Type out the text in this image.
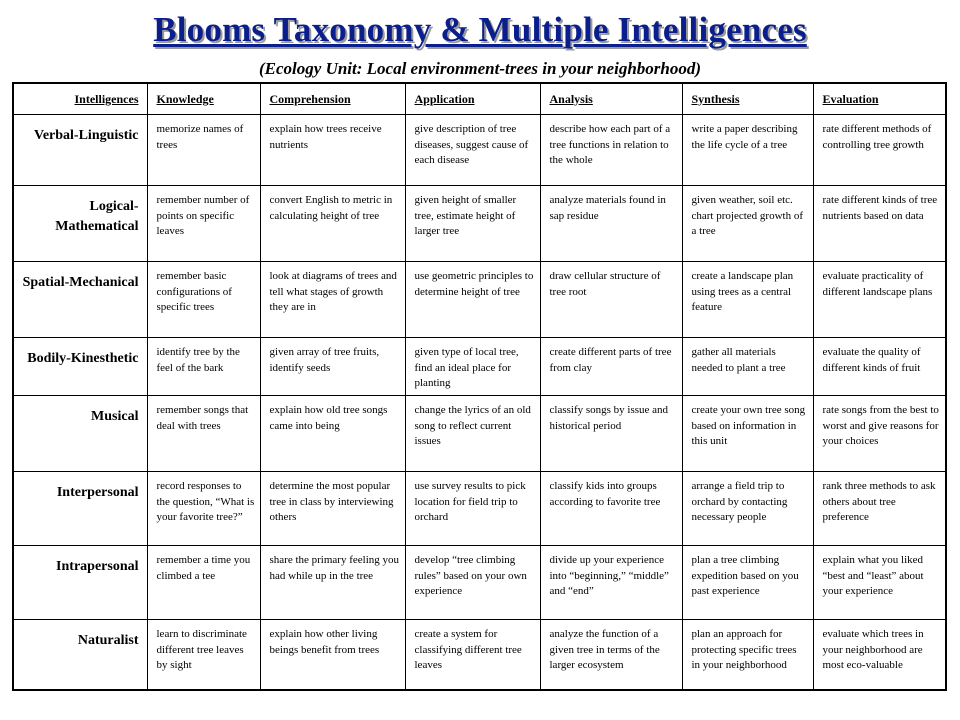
Blooms Taxonomy & Multiple Intelligences
(Ecology Unit: Local environment-trees in your neighborhood)
Intelligences	Knowledge	Comprehension	Application	Analysis	Synthesis	Evaluation
Verbal-Linguistic	memorize names of trees	explain how trees receive nutrients	give description of tree diseases, suggest cause of each disease	describe how each part of a tree functions in relation to the whole	write a paper describing the life cycle of a tree	rate different methods of controlling tree growth
Logical-Mathematical	remember number of points on specific leaves	convert English to metric in calculating height of tree	given height of smaller tree, estimate height of larger tree	analyze materials found in sap residue	given weather, soil etc. chart projected growth of a tree	rate different kinds of tree nutrients based on data
Spatial-Mechanical	remember basic configurations of specific trees	look at diagrams of trees and tell what stages of growth they are in	use geometric principles to determine height of tree	draw cellular structure of tree root	create a landscape plan using trees as a central feature	evaluate practicality of different landscape plans
Bodily-Kinesthetic	identify tree by the feel of the bark	given array of tree fruits, identify seeds	given type of local tree, find an ideal place for planting	create different parts of tree from clay	gather all materials needed to plant a tree	evaluate the quality of different kinds of fruit
Musical	remember songs that deal with trees	explain how old tree songs came into being	change the lyrics of an old song to reflect current issues	classify songs by issue and historical period	create your own tree song based on information in this unit	rate songs from the best to worst and give reasons for your choices
Interpersonal	record responses to the question, “What is your favorite tree?”	determine the most popular tree in class by interviewing others	use survey results to pick location for field trip to orchard	classify kids into groups according to favorite tree	arrange a field trip to orchard by contacting necessary people	rank three methods to ask others about tree preference
Intrapersonal	remember a time you climbed a tee	share the primary feeling you had while up in the tree	develop “tree climbing rules” based on your own experience	divide up your experience into “beginning,” “middle” and “end”	plan a tree climbing expedition based on you past experience	explain what you liked “best and “least” about your experience
Naturalist	learn to discriminate different tree leaves by sight	explain how other living beings benefit from trees	create a system for classifying different tree leaves	analyze the function of a given tree in terms of the larger ecosystem	plan an approach for protecting specific trees in your neighborhood	evaluate which trees in your neighborhood are most eco-valuable
